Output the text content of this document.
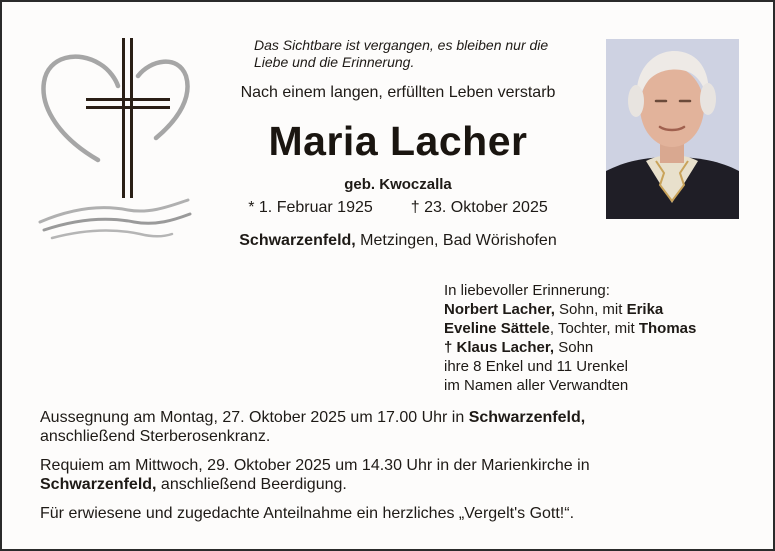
Das Sichtbare ist vergangen, es bleiben nur die
Liebe und die Erinnerung.
Nach einem langen, erfüllten Leben verstarb
Maria Lacher
geb. Kwoczalla
* 1. Februar 1925 † 23. Oktober 2025
Schwarzenfeld, Metzingen, Bad Wörishofen
In liebevoller Erinnerung:
Norbert Lacher, Sohn, mit Erika
Eveline Sättele, Tochter, mit Thomas
† Klaus Lacher, Sohn
ihre 8 Enkel und 11 Urenkel
im Namen aller Verwandten

Aussegnung am Montag, 27. Oktober 2025 um 17.00 Uhr in Schwarzenfeld,
anschließend Sterberosenkranz.

Requiem am Mittwoch, 29. Oktober 2025 um 14.30 Uhr in der Marienkirche in
Schwarzenfeld, anschließend Beerdigung.

Für erwiesene und zugedachte Anteilnahme ein herzliches „Vergelt's Gott!“.
